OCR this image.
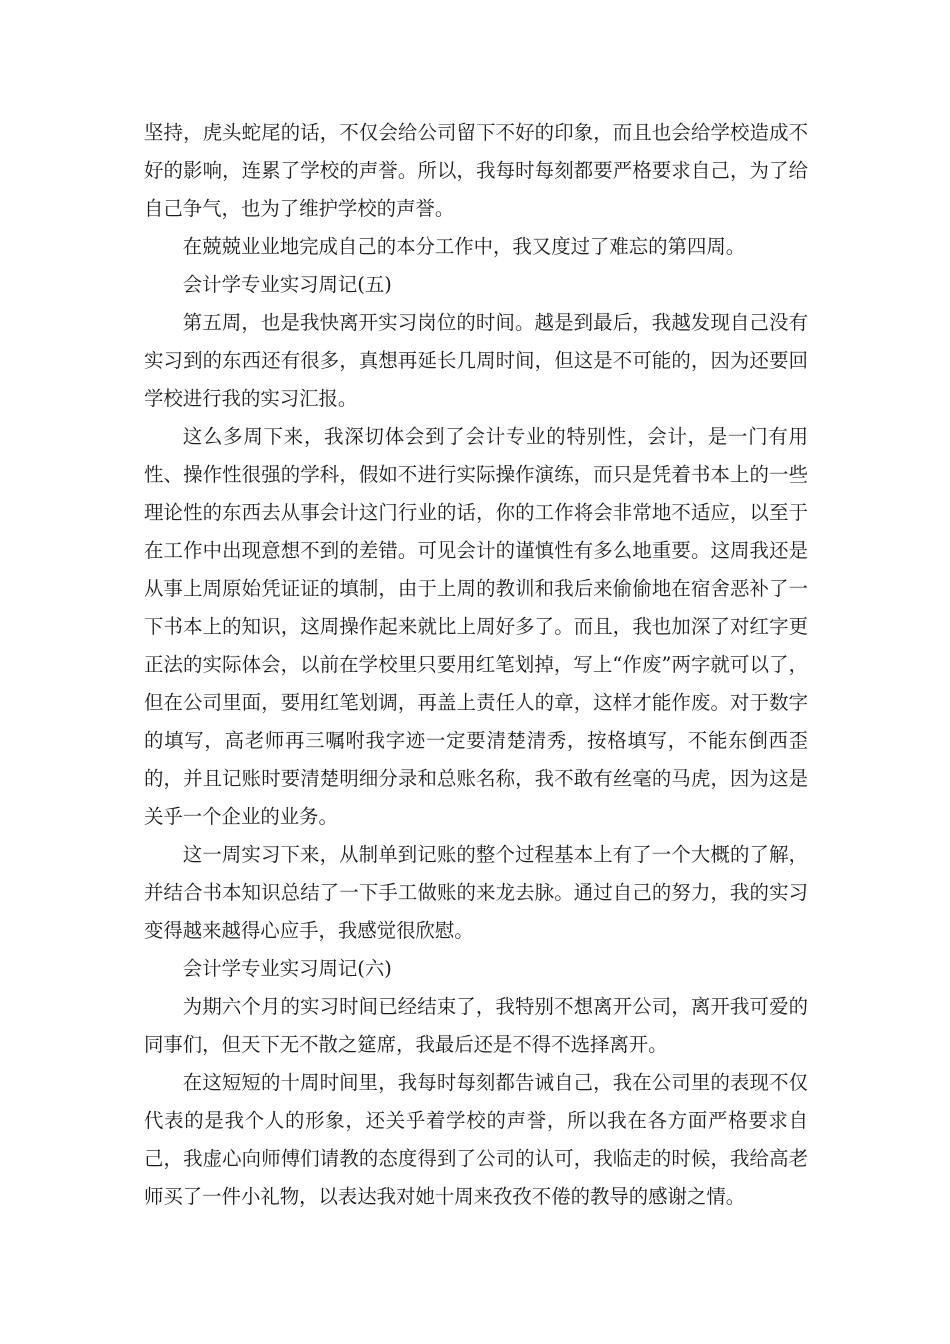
坚持，虎头蛇尾的话，不仅会给公司留下不好的印象，而且也会给学校造成不好的影响，连累了学校的声誉。所以，我每时每刻都要严格要求自己，为了给自己争气，也为了维护学校的声誉。

在兢兢业业地完成自己的本分工作中，我又度过了难忘的第四周。

会计学专业实习周记(五)

第五周，也是我快离开实习岗位的时间。越是到最后，我越发现自己没有实习到的东西还有很多，真想再延长几周时间，但这是不可能的，因为还要回学校进行我的实习汇报。

这么多周下来，我深切体会到了会计专业的特别性，会计，是一门有用性、操作性很强的学科，假如不进行实际操作演练，而只是凭着书本上的一些理论性的东西去从事会计这门行业的话，你的工作将会非常地不适应，以至于在工作中出现意想不到的差错。可见会计的谨慎性有多么地重要。这周我还是从事上周原始凭证证的填制，由于上周的教训和我后来偷偷地在宿舍恶补了一下书本上的知识，这周操作起来就比上周好多了。而且，我也加深了对红字更正法的实际体会，以前在学校里只要用红笔划掉，写上“作废”两字就可以了，但在公司里面，要用红笔划调，再盖上责任人的章，这样才能作废。对于数字的填写，高老师再三嘱咐我字迹一定要清楚清秀，按格填写，不能东倒西歪的，并且记账时要清楚明细分录和总账名称，我不敢有丝毫的马虎，因为这是关乎一个企业的业务。

这一周实习下来，从制单到记账的整个过程基本上有了一个大概的了解，并结合书本知识总结了一下手工做账的来龙去脉。通过自己的努力，我的实习变得越来越得心应手，我感觉很欣慰。

会计学专业实习周记(六)

为期六个月的实习时间已经结束了，我特别不想离开公司，离开我可爱的同事们，但天下无不散之筵席，我最后还是不得不选择离开。

在这短短的十周时间里，我每时每刻都告诫自己，我在公司里的表现不仅代表的是我个人的形象，还关乎着学校的声誉，所以我在各方面严格要求自己，我虚心向师傅们请教的态度得到了公司的认可，我临走的时候，我给高老师买了一件小礼物，以表达我对她十周来孜孜不倦的教导的感谢之情。
